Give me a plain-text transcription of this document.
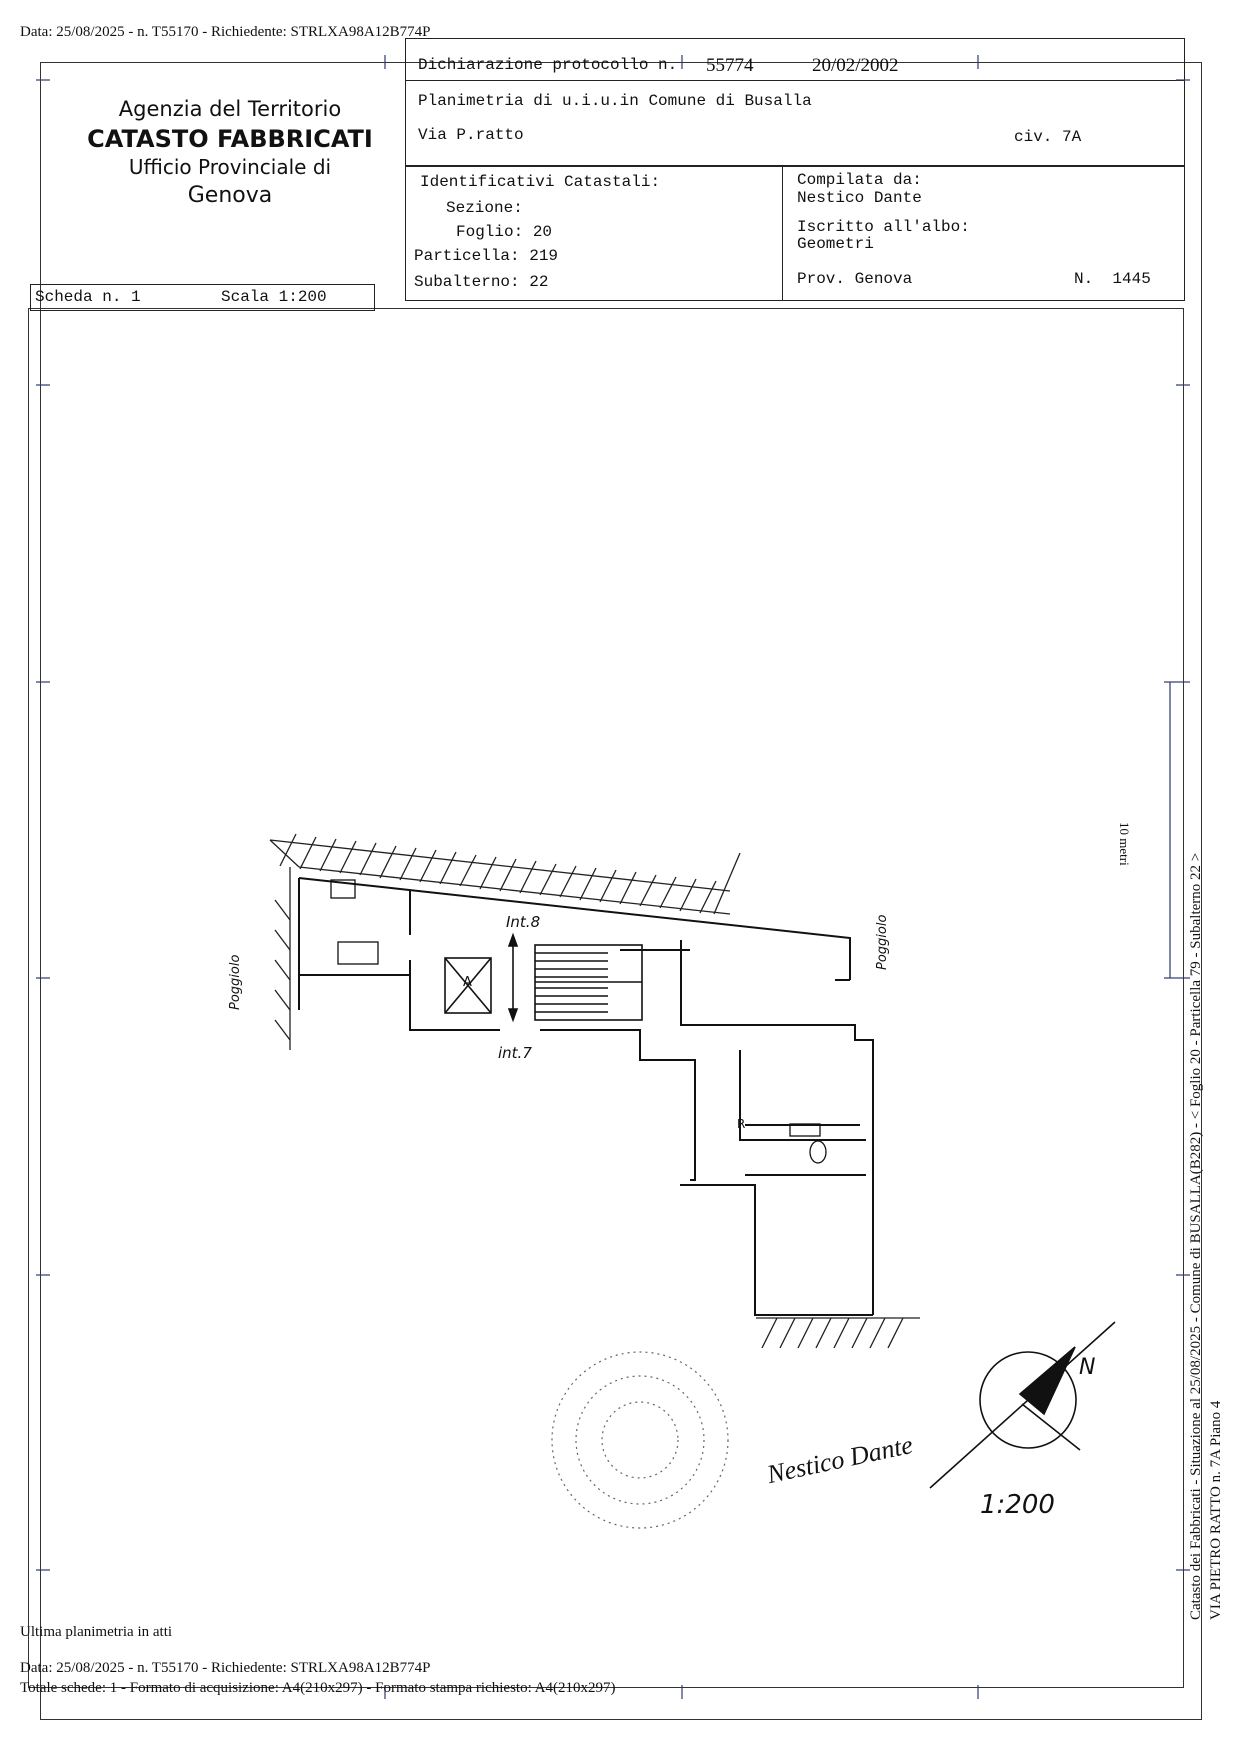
Data: 25/08/2025 - n. T55170 - Richiedente: STRLXA98A12B774P
Agenzia del Territorio
CATASTO FABBRICATI
Ufficio Provinciale di
Genova
Scheda n. 1	Scala 1:200
Dichiarazione protocollo n. 55774	20/02/2002
Planimetria di u.i.u.in Comune di Busalla
Via P.ratto	civ. 7A
Identificativi Catastali:
Sezione:
Foglio: 20
Particella: 219
Subalterno: 22
Compilata da:
Nestico Dante
Iscritto all'albo:
Geometri
Prov. Genova	N.  1445
Int.8
int.7
A
R
N
1:200
Nestico Dante
Poggiolo
Poggiolo
10 metri
Catasto dei Fabbricati - Situazione al 25/08/2025 - Comune di BUSALLA(B282) - < Foglio 20 - Particella 79 - Subalterno 22 > VIA PIETRO RATTO n. 7A Piano 4
Ultima planimetria in atti
Data: 25/08/2025 - n. T55170 - Richiedente: STRLXA98A12B774P
Totale schede: 1 - Formato di acquisizione: A4(210x297) - Formato stampa richiesto: A4(210x297)
